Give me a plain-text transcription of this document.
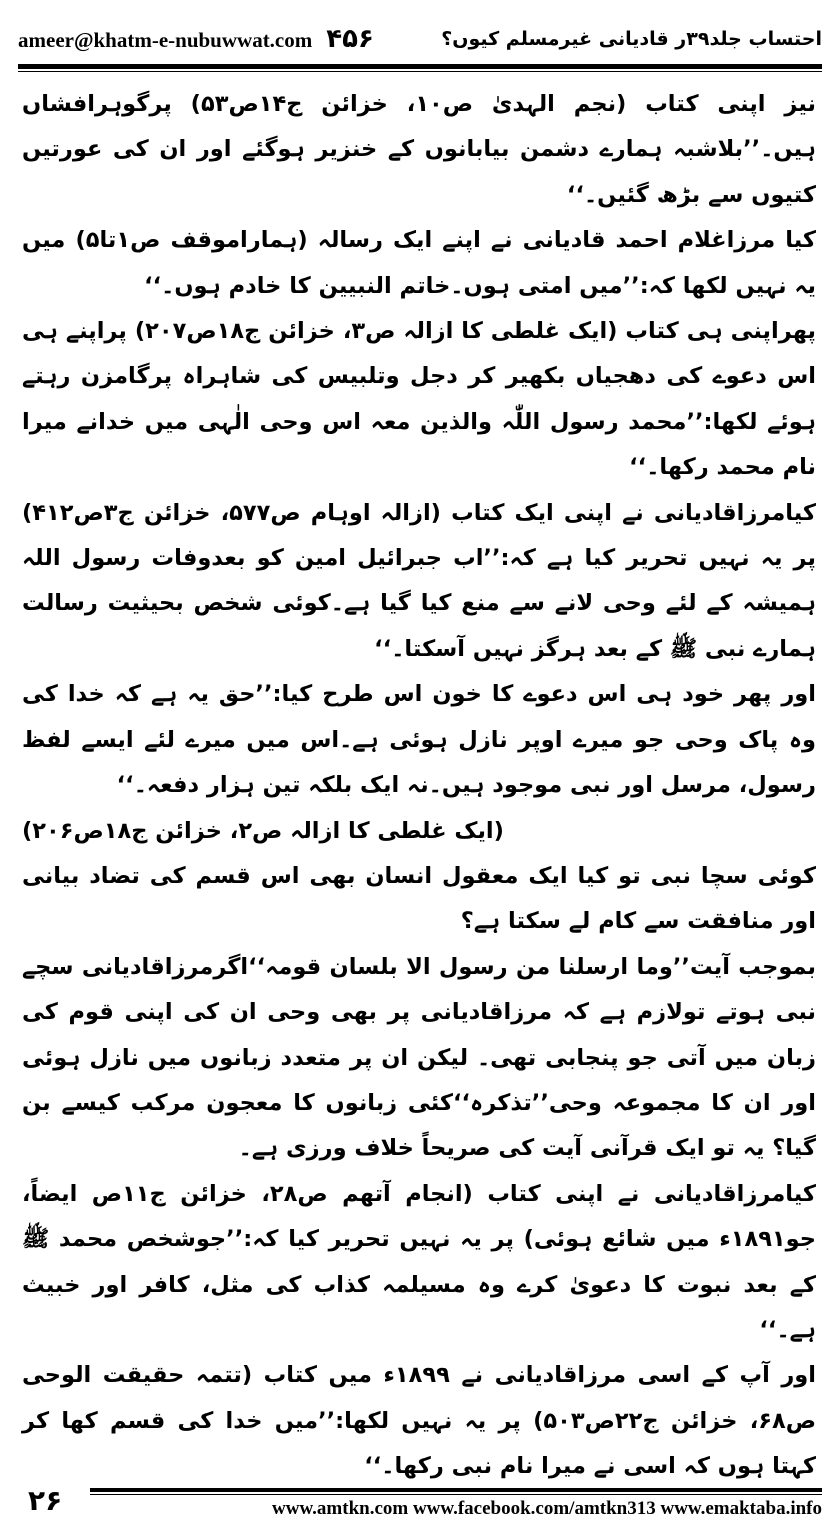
ameer@khatm-e-nubuwwat.com ۴۵۶	احتساب جلد۳۹ر قادیانی غیرمسلم کیوں؟

نیز اپنی کتاب (نجم الہدیٰ ص۱۰، خزائن ج۱۴ص۵۳) پرگوہرافشاں ہیں۔’’بلاشبہ ہمارے دشمن بیابانوں کے خنزیر ہوگئے اور ان کی عورتیں کتیوں سے بڑھ گئیں۔‘‘

کیا مرزاغلام احمد قادیانی نے اپنے ایک رسالہ (ہماراموقف ص۱تا۵) میں یہ نہیں لکھا کہ:’’میں امتی ہوں۔خاتم النبیین کا خادم ہوں۔‘‘

پھراپنی ہی کتاب (ایک غلطی کا ازالہ ص۳، خزائن ج۱۸ص۲۰۷) پراپنے ہی اس دعوے کی دھجیاں بکھیر کر دجل وتلبیس کی شاہراہ پرگامزن رہتے ہوئے لکھا:’’محمد رسول اللّٰہ والذین معہ اس وحی الٰہی میں خدانے میرا نام محمد رکھا۔‘‘

کیامرزاقادیانی نے اپنی ایک کتاب (ازالہ اوہام ص۵۷۷، خزائن ج۳ص۴۱۲) پر یہ نہیں تحریر کیا ہے کہ:’’اب جبرائیل امین کو بعدوفات رسول اللہ ہمیشہ کے لئے وحی لانے سے منع کیا گیا ہے۔کوئی شخص بحیثیت رسالت ہمارے نبی ﷺ کے بعد ہرگز نہیں آسکتا۔‘‘

اور پھر خود ہی اس دعوے کا خون اس طرح کیا:’’حق یہ ہے کہ خدا کی وہ پاک وحی جو میرے اوپر نازل ہوئی ہے۔اس میں میرے لئے ایسے لفظ رسول، مرسل اور نبی موجود ہیں۔نہ ایک بلکہ تین ہزار دفعہ۔‘‘

(ایک غلطی کا ازالہ ص۲، خزائن ج۱۸ص۲۰۶)

کوئی سچا نبی تو کیا ایک معقول انسان بھی اس قسم کی تضاد بیانی اور منافقت سے کام لے سکتا ہے؟

بموجب آیت’’وما ارسلنا من رسول الا بلسان قومہ‘‘اگرمرزاقادیانی سچے نبی ہوتے تولازم ہے کہ مرزاقادیانی پر بھی وحی ان کی اپنی قوم کی زبان میں آتی جو پنجابی تھی۔ لیکن ان پر متعدد زبانوں میں نازل ہوئی اور ان کا مجموعہ وحی’’تذکرہ‘‘کئی زبانوں کا معجون مرکب کیسے بن گیا؟ یہ تو ایک قرآنی آیت کی صریحاً خلاف ورزی ہے۔

کیامرزاقادیانی نے اپنی کتاب (انجام آتھم ص۲۸، خزائن ج۱۱ص ایضاً، جو۱۸۹۱ء میں شائع ہوئی) پر یہ نہیں تحریر کیا کہ:’’جوشخص محمد ﷺ کے بعد نبوت کا دعویٰ کرے وہ مسیلمہ کذاب کی مثل، کافر اور خبیث ہے۔‘‘

اور آپ کے اسی مرزاقادیانی نے ۱۸۹۹ء میں کتاب (تتمہ حقیقت الوحی ص۶۸، خزائن ج۲۲ص۵۰۳) پر یہ نہیں لکھا:’’میں خدا کی قسم کھا کر کہتا ہوں کہ اسی نے میرا نام نبی رکھا۔‘‘

۲۶	www.amtkn.com www.facebook.com/amtkn313 www.emaktaba.info
